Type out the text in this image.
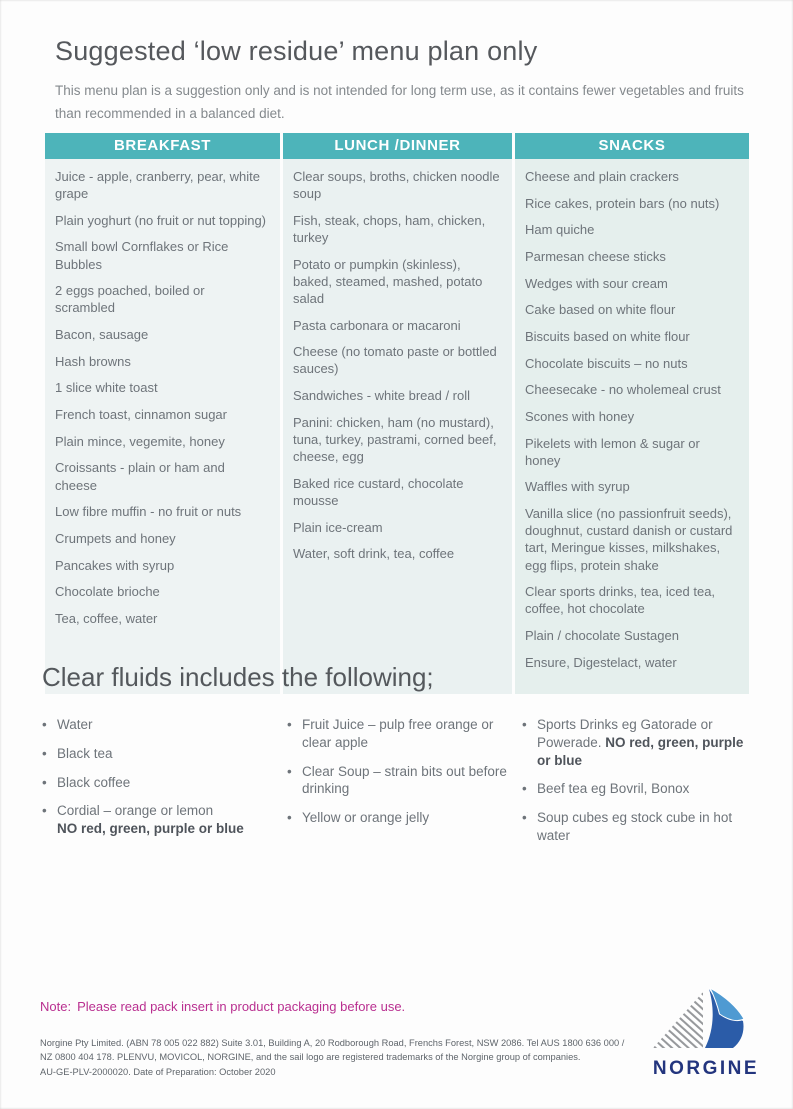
Suggested ‘low residue’ menu plan only

This menu plan is a suggestion only and is not intended for long term use, as it contains fewer vegetables and fruits than recommended in a balanced diet.

BREAKFAST
Juice - apple, cranberry, pear, white grape
Plain yoghurt (no fruit or nut topping)
Small bowl Cornflakes or Rice Bubbles
2 eggs poached, boiled or scrambled
Bacon, sausage
Hash browns
1 slice white toast
French toast, cinnamon sugar
Plain mince, vegemite, honey
Croissants - plain or ham and cheese
Low fibre muffin - no fruit or nuts
Crumpets and honey
Pancakes with syrup
Chocolate brioche
Tea, coffee, water
LUNCH /DINNER
Clear soups, broths, chicken noodle soup
Fish, steak, chops, ham, chicken, turkey
Potato or pumpkin (skinless), baked, steamed, mashed, potato salad
Pasta carbonara or macaroni
Cheese (no tomato paste or bottled sauces)
Sandwiches - white bread / roll
Panini: chicken, ham (no mustard), tuna, turkey, pastrami, corned beef, cheese, egg
Baked rice custard, chocolate mousse
Plain ice-cream
Water, soft drink, tea, coffee
SNACKS
Cheese and plain crackers
Rice cakes, protein bars (no nuts)
Ham quiche
Parmesan cheese sticks
Wedges with sour cream
Cake based on white flour
Biscuits based on white flour
Chocolate biscuits – no nuts
Cheesecake - no wholemeal crust
Scones with honey
Pikelets with lemon & sugar or honey
Waffles with syrup
Vanilla slice (no passionfruit seeds), doughnut, custard danish or custard tart, Meringue kisses, milkshakes, egg flips, protein shake
Clear sports drinks, tea, iced tea, coffee, hot chocolate
Plain / chocolate Sustagen
Ensure, Digestelact, water
Clear fluids includes the following;
• Water
• Black tea
• Black coffee
• Cordial – orange or lemon
NO red, green, purple or blue
• Fruit Juice – pulp free orange or clear apple
• Clear Soup – strain bits out before drinking
• Yellow or orange jelly
• Sports Drinks eg Gatorade or Powerade. NO red, green, purple or blue
• Beef tea eg Bovril, Bonox
• Soup cubes eg stock cube in hot water

Note: Please read pack insert in product packaging before use.

Norgine Pty Limited. (ABN 78 005 022 882) Suite 3.01, Building A, 20 Rodborough Road, Frenchs Forest, NSW 2086. Tel AUS 1800 636 000 /
NZ 0800 404 178. PLENVU, MOVICOL, NORGINE, and the sail logo are registered trademarks of the Norgine group of companies.
AU-GE-PLV-2000020. Date of Preparation: October 2020	NORGINE
